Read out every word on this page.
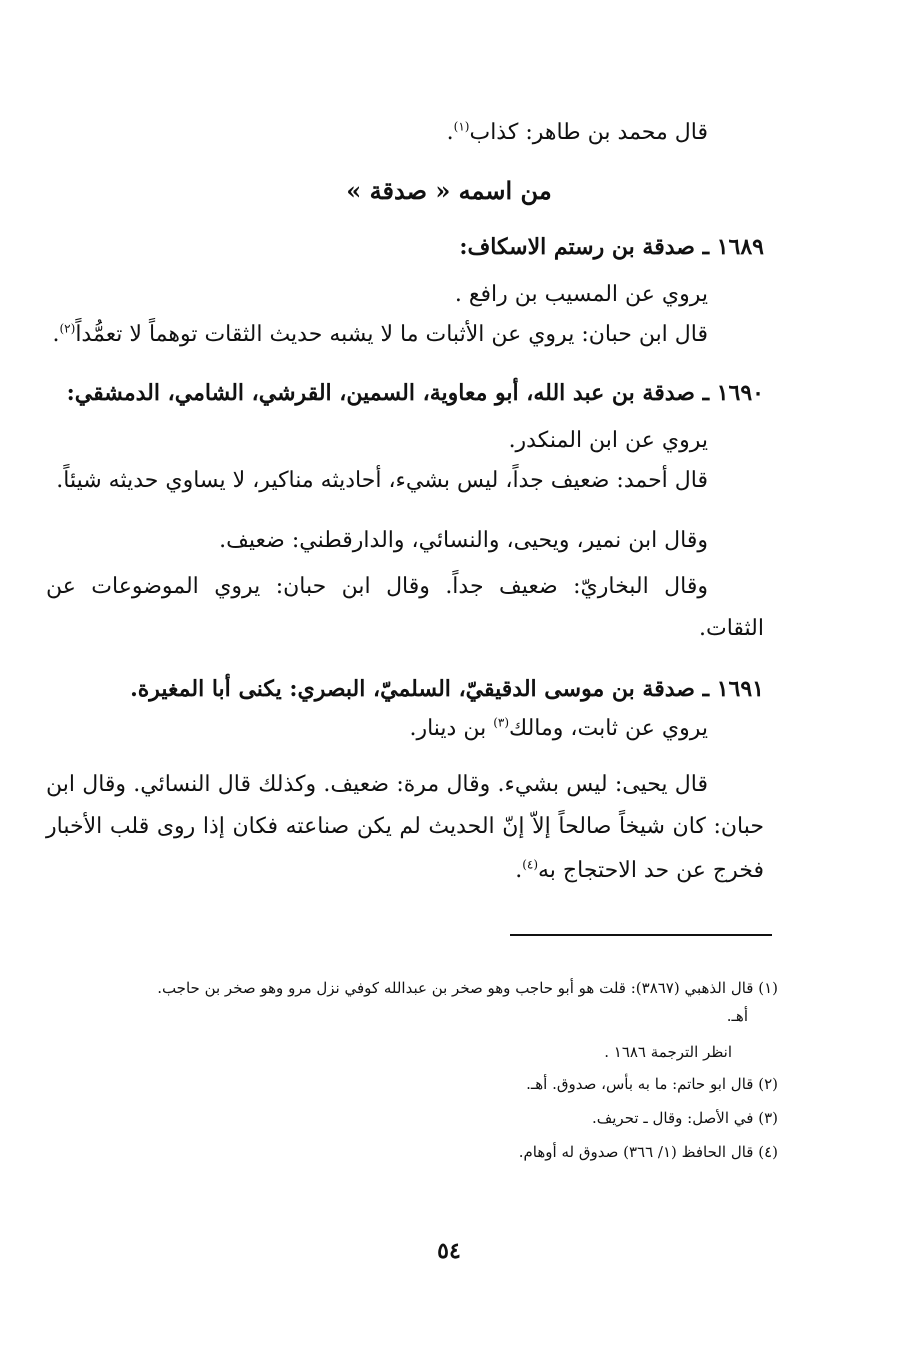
قال محمد بن طاهر: كذاب$^{(١)}$.
من اسمه « صدقة »
١٦٨٩ ـ صدقة بن رستم الاسكاف:
يروي عن المسيب بن رافع .
قال ابن حبان: يروي عن الأثبات ما لا يشبه حديث الثقات توهماً لا تعمُّداً$^{(٢)}$.
١٦٩٠ ـ صدقة بن عبد الله، أبو معاوية، السمين، القرشي، الشامي، الدمشقي:
يروي عن ابن المنكدر.
قال أحمد: ضعيف جداً، ليس بشيء، أحاديثه مناكير، لا يساوي حديثه شيئاً.
وقال ابن نمير، ويحيى، والنسائي، والدارقطني: ضعيف.
وقال البخاريّ: ضعيف جداً. وقال ابن حبان: يروي الموضوعات عن
الثقات.
١٦٩١ ـ صدقة بن موسى الدقيقيّ، السلميّ، البصري: يكنى أبا المغيرة.
يروي عن ثابت، ومالك$^{(٣)}$ بن دينار.
قال يحيى: ليس بشيء. وقال مرة: ضعيف. وكذلك قال النسائي. وقال ابن
حبان: كان شيخاً صالحاً إلاّ إنّ الحديث لم يكن صناعته فكان إذا روى قلب الأخبار
فخرج عن حد الاحتجاج به$^{(٤)}$.
(١) قال الذهبي (٣٨٦٧): قلت هو أبو حاجب وهو صخر بن عبدالله كوفي نزل مرو وهو صخر بن حاجب.
أهـ.
انظر الترجمة ١٦٨٦ .
(٢) قال ابو حاتم: ما به بأس، صدوق. أهـ.
(٣) في الأصل: وقال ـ تحريف.
(٤) قال الحافظ (١/ ٣٦٦) صدوق له أوهام.
٥٤
